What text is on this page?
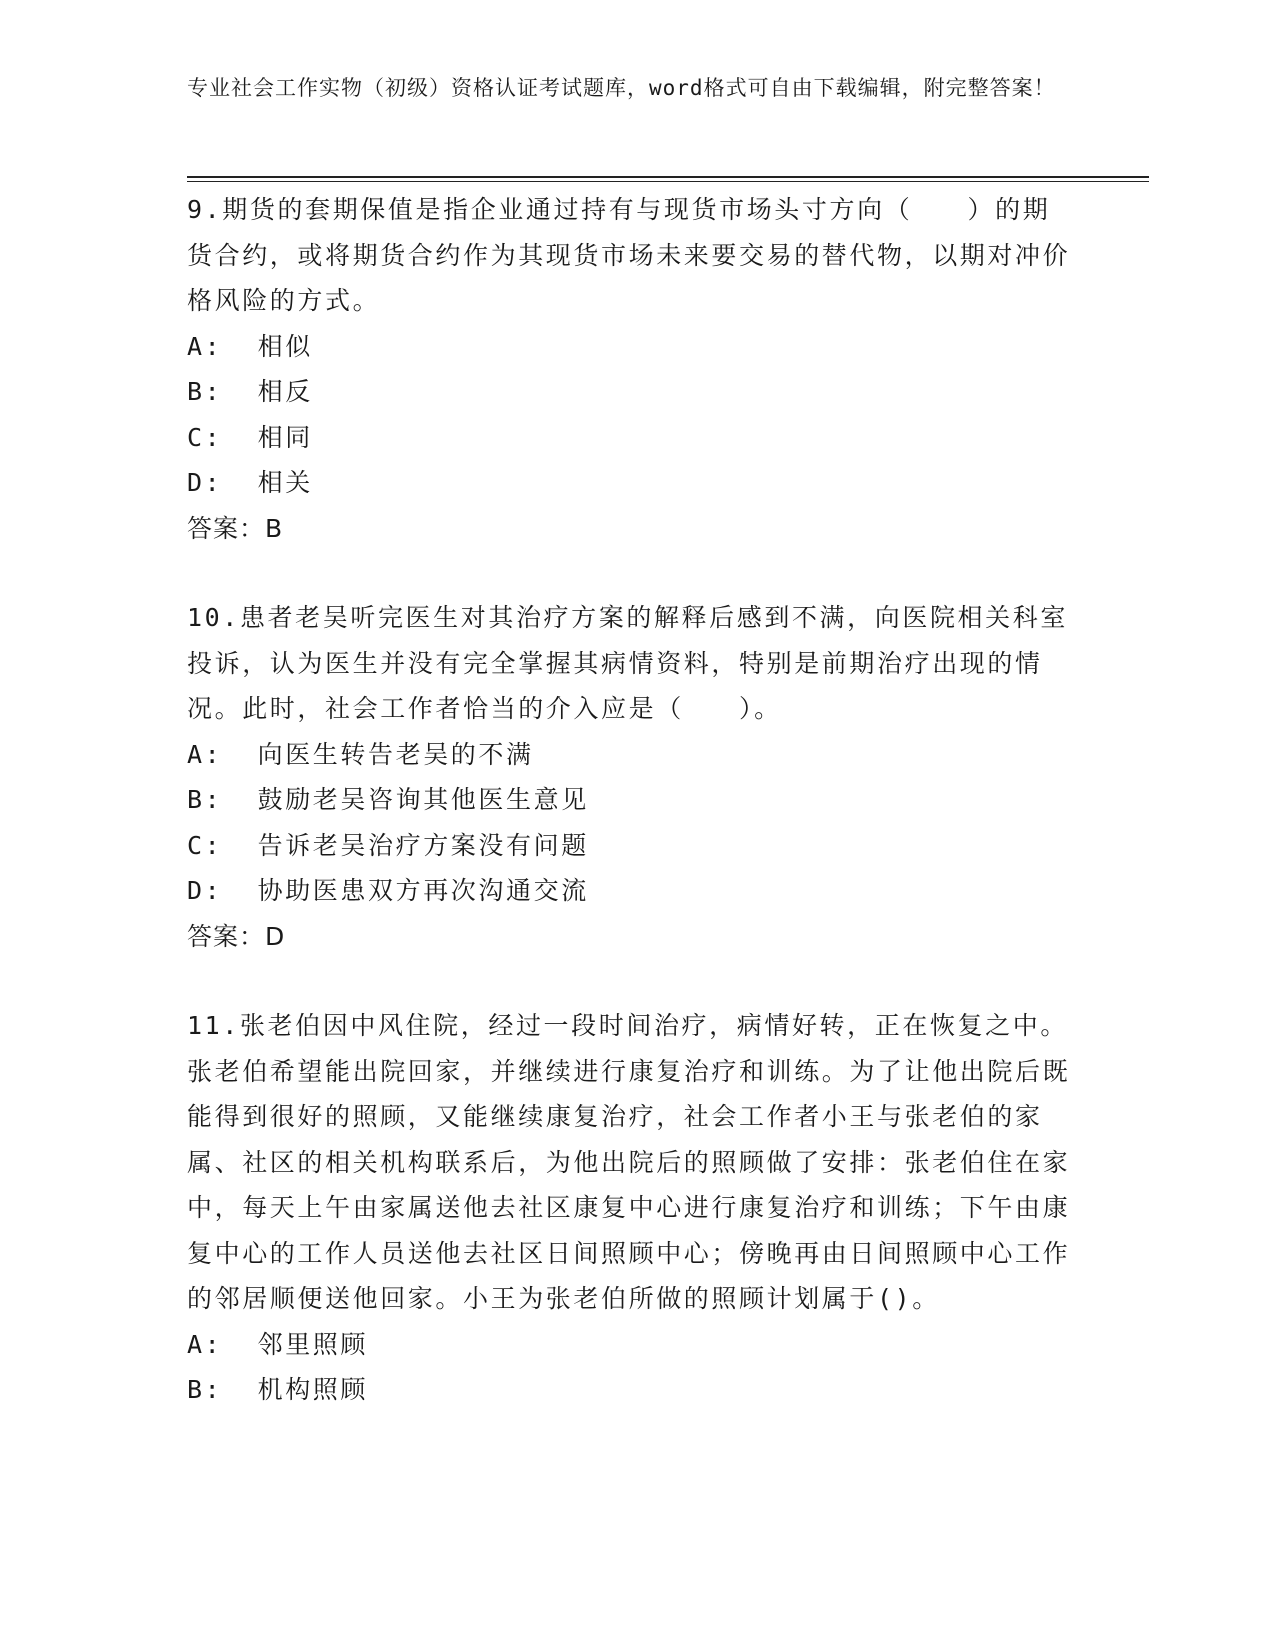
专业社会工作实物（初级）资格认证考试题库，word格式可自由下载编辑，附完整答案！

9.期货的套期保值是指企业通过持有与现货市场头寸方向（　　）的期货合约，或将期货合约作为其现货市场未来要交易的替代物，以期对冲价格风险的方式。

A:  相似

B:  相反

C:  相同

D:  相关

答案：B

10.患者老吴听完医生对其治疗方案的解释后感到不满，向医院相关科室投诉，认为医生并没有完全掌握其病情资料，特别是前期治疗出现的情况。此时，社会工作者恰当的介入应是（　　）。

A:  向医生转告老吴的不满

B:  鼓励老吴咨询其他医生意见

C:  告诉老吴治疗方案没有问题

D:  协助医患双方再次沟通交流

答案：D

11.张老伯因中风住院，经过一段时间治疗，病情好转，正在恢复之中。张老伯希望能出院回家，并继续进行康复治疗和训练。为了让他出院后既能得到很好的照顾，又能继续康复治疗，社会工作者小王与张老伯的家属、社区的相关机构联系后，为他出院后的照顾做了安排：张老伯住在家中，每天上午由家属送他去社区康复中心进行康复治疗和训练；下午由康复中心的工作人员送他去社区日间照顾中心；傍晚再由日间照顾中心工作的邻居顺便送他回家。小王为张老伯所做的照顾计划属于()。

A:  邻里照顾

B:  机构照顾
